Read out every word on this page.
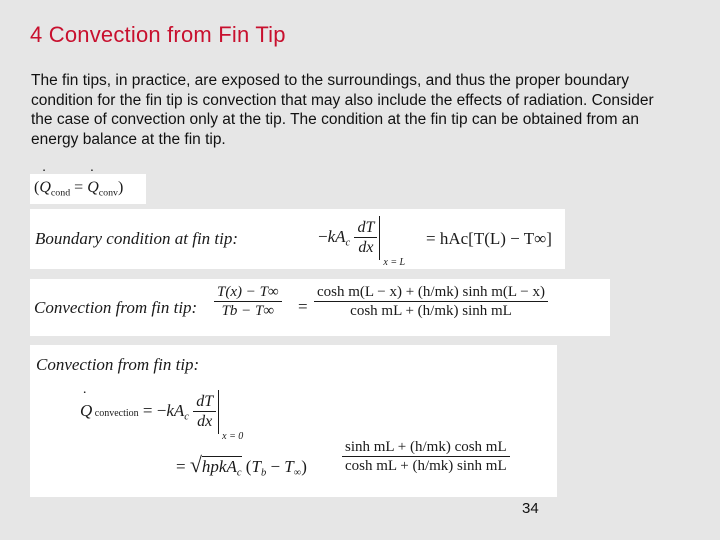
4 Convection from Fin Tip
The fin tips, in practice, are exposed to the surroundings, and thus the proper boundary condition for the fin tip is convection that may also include the effects of radiation. Consider the case of convection only at the tip. The condition at the fin tip can be obtained from an energy balance at the fin tip.
(˙ $Q_{cond}$ = ˙ $Q_{conv}$)
Boundary condition at fin tip:	$-kA_c \frac{dT}{dx}$
x = L
= hAc[T(L) − T∞]
Convection from fin tip: $\frac{T(x) - T\infty}{Tb - T\infty} = \frac{\text{cosh m(L − x) + (h/mk) sinh m(L − x)}}{\text{cosh mL + (h/mk) sinh mL}}$
Convection from fin tip:
˙ Q convection = $-kA_c \frac{dT}{dx}$
x = 0
= √hpkA$_c$ $(T_b - T_\infty) \frac{\text{sinh mL + (h/mk) cosh mL}}{\text{cosh mL + (h/mk) sinh mL}}$
34
